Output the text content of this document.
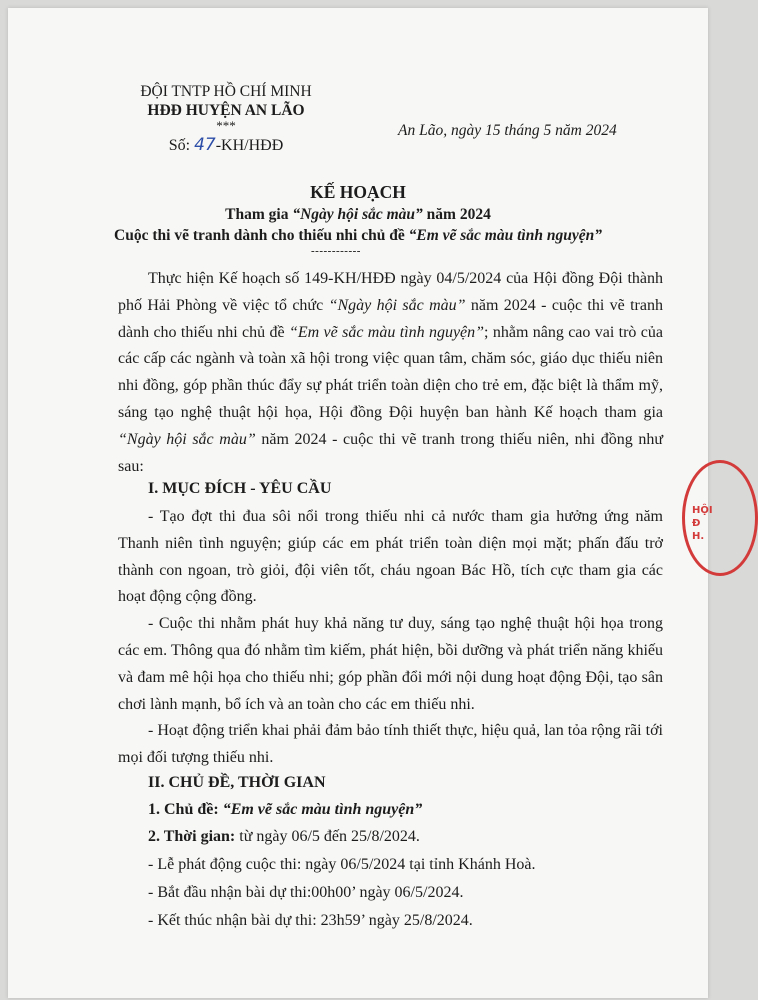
ĐỘI TNTP HỒ CHÍ MINH
HĐĐ HUYỆN AN LÃO
***
Số: 47-KH/HĐĐ
An Lão, ngày 15 tháng 5 năm 2024
KẾ HOẠCH
Tham gia “Ngày hội sắc màu” năm 2024
Cuộc thi vẽ tranh dành cho thiếu nhi chủ đề “Em vẽ sắc màu tình nguyện”
------------

Thực hiện Kế hoạch số 149-KH/HĐĐ ngày 04/5/2024 của Hội đồng Đội thành phố Hải Phòng về việc tổ chức “Ngày hội sắc màu” năm 2024 - cuộc thi vẽ tranh dành cho thiếu nhi chủ đề “Em vẽ sắc màu tình nguyện”; nhằm nâng cao vai trò của các cấp các ngành và toàn xã hội trong việc quan tâm, chăm sóc, giáo dục thiếu niên nhi đồng, góp phần thúc đẩy sự phát triển toàn diện cho trẻ em, đặc biệt là thẩm mỹ, sáng tạo nghệ thuật hội họa, Hội đồng Đội huyện ban hành Kế hoạch tham gia “Ngày hội sắc màu” năm 2024 - cuộc thi vẽ tranh trong thiếu niên, nhi đồng như sau:

I. MỤC ĐÍCH - YÊU CẦU

- Tạo đợt thi đua sôi nổi trong thiếu nhi cả nước tham gia hưởng ứng năm Thanh niên tình nguyện; giúp các em phát triển toàn diện mọi mặt; phấn đấu trở thành con ngoan, trò giỏi, đội viên tốt, cháu ngoan Bác Hồ, tích cực tham gia các hoạt động cộng đồng.

- Cuộc thi nhằm phát huy khả năng tư duy, sáng tạo nghệ thuật hội họa trong các em. Thông qua đó nhằm tìm kiếm, phát hiện, bồi dưỡng và phát triển năng khiếu và đam mê hội họa cho thiếu nhi; góp phần đổi mới nội dung hoạt động Đội, tạo sân chơi lành mạnh, bổ ích và an toàn cho các em thiếu nhi.

- Hoạt động triển khai phải đảm bảo tính thiết thực, hiệu quả, lan tỏa rộng rãi tới mọi đối tượng thiếu nhi.

II. CHỦ ĐỀ, THỜI GIAN
1. Chủ đề: “Em vẽ sắc màu tình nguyện”
2. Thời gian: từ ngày 06/5 đến 25/8/2024.
- Lễ phát động cuộc thi: ngày 06/5/2024 tại tỉnh Khánh Hoà.
- Bắt đầu nhận bài dự thi:00h00’ ngày 06/5/2024.
- Kết thúc nhận bài dự thi: 23h59’ ngày 25/8/2024.
HỘI Đ
H.
